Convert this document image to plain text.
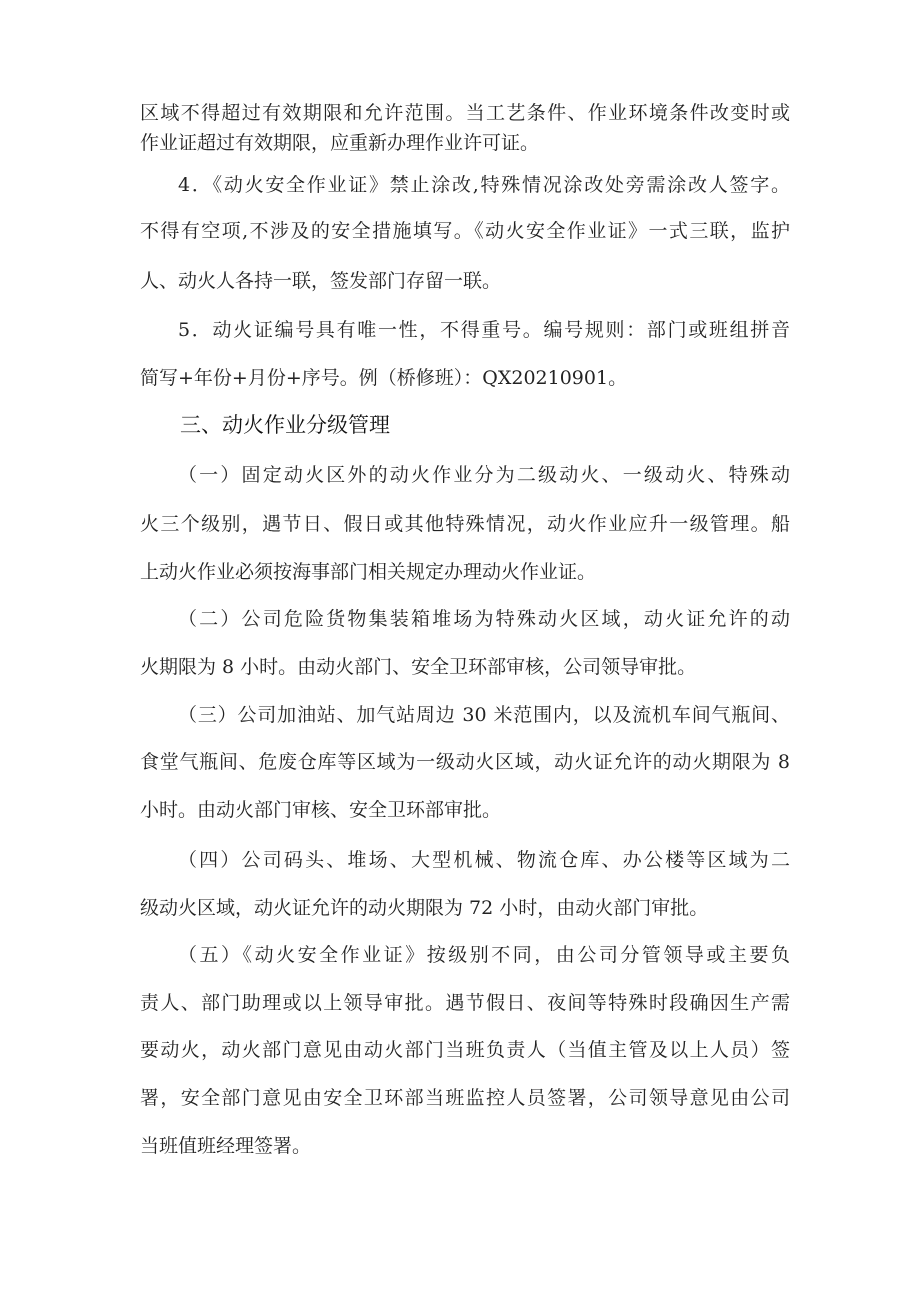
区域不得超过有效期限和允许范围。当工艺条件、作业环境条件改变时或
作业证超过有效期限，应重新办理作业许可证。
4．《动火安全作业证》禁止涂改,特殊情况涂改处旁需涂改人签字。
不得有空项,不涉及的安全措施填写。《动火安全作业证》一式三联，监护
人、动火人各持一联，签发部门存留一联。
5．动火证编号具有唯一性，不得重号。编号规则：部门或班组拼音
简写+年份+月份+序号。例（桥修班）：QX20210901。
三、动火作业分级管理
（一）固定动火区外的动火作业分为二级动火、一级动火、特殊动
火三个级别，遇节日、假日或其他特殊情况，动火作业应升一级管理。船
上动火作业必须按海事部门相关规定办理动火作业证。
（二）公司危险货物集装箱堆场为特殊动火区域，动火证允许的动
火期限为 8 小时。由动火部门、安全卫环部审核，公司领导审批。
（三）公司加油站、加气站周边 30 米范围内，以及流机车间气瓶间、
食堂气瓶间、危废仓库等区域为一级动火区域，动火证允许的动火期限为 8
小时。由动火部门审核、安全卫环部审批。
（四）公司码头、堆场、大型机械、物流仓库、办公楼等区域为二
级动火区域，动火证允许的动火期限为 72 小时，由动火部门审批。
（五）《动火安全作业证》按级别不同，由公司分管领导或主要负
责人、部门助理或以上领导审批。遇节假日、夜间等特殊时段确因生产需
要动火，动火部门意见由动火部门当班负责人（当值主管及以上人员）签
署，安全部门意见由安全卫环部当班监控人员签署，公司领导意见由公司
当班值班经理签署。
